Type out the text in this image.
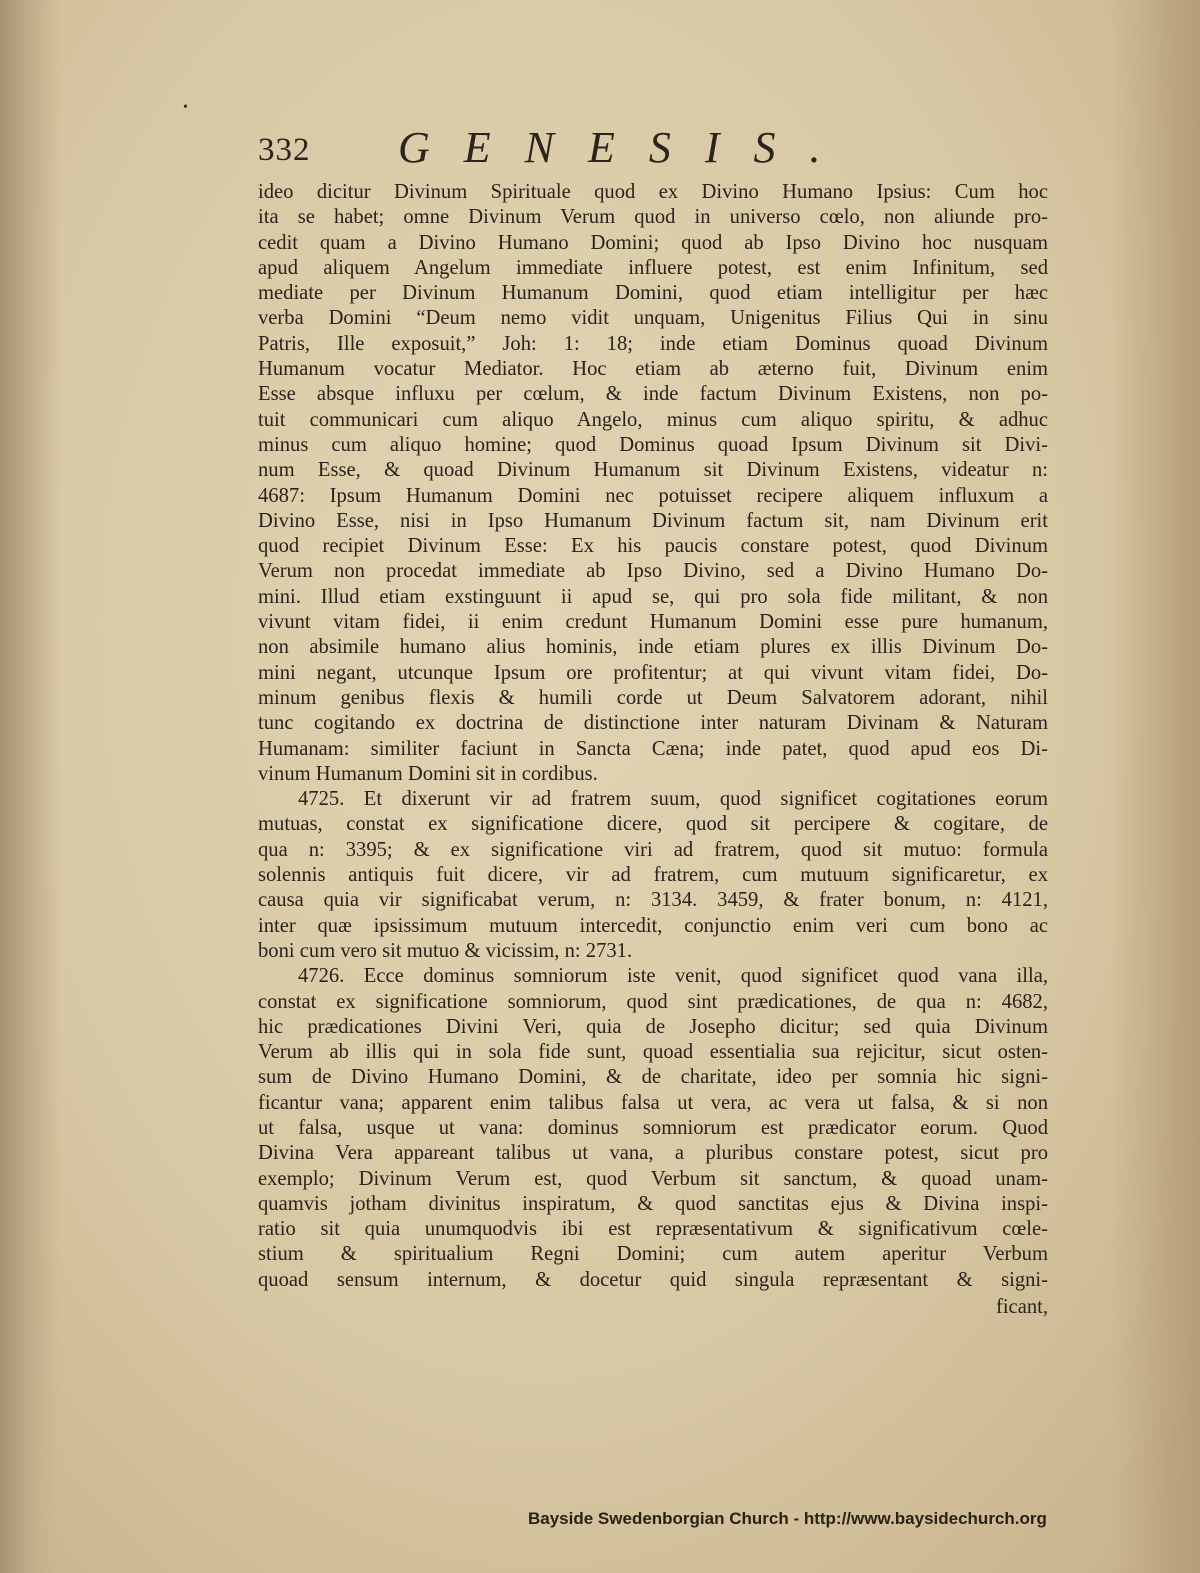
•
332 GENESIS.
ideo dicitur Divinum Spirituale quod ex Divino Humano Ipsius: Cum hoc
ita se habet; omne Divinum Verum quod in universo cœlo, non aliunde pro-
cedit quam a Divino Humano Domini; quod ab Ipso Divino hoc nusquam
apud aliquem Angelum immediate influere potest, est enim Infinitum, sed
mediate per Divinum Humanum Domini, quod etiam intelligitur per hæc
verba Domini “Deum nemo vidit unquam, Unigenitus Filius Qui in sinu
Patris, Ille exposuit,” Joh: 1: 18; inde etiam Dominus quoad Divinum
Humanum vocatur Mediator. Hoc etiam ab æterno fuit, Divinum enim
Esse absque influxu per cœlum, & inde factum Divinum Existens, non po-
tuit communicari cum aliquo Angelo, minus cum aliquo spiritu, & adhuc
minus cum aliquo homine; quod Dominus quoad Ipsum Divinum sit Divi-
num Esse, & quoad Divinum Humanum sit Divinum Existens, videatur n:
4687: Ipsum Humanum Domini nec potuisset recipere aliquem influxum a
Divino Esse, nisi in Ipso Humanum Divinum factum sit, nam Divinum erit
quod recipiet Divinum Esse: Ex his paucis constare potest, quod Divinum
Verum non procedat immediate ab Ipso Divino, sed a Divino Humano Do-
mini. Illud etiam exstinguunt ii apud se, qui pro sola fide militant, & non
vivunt vitam fidei, ii enim credunt Humanum Domini esse pure humanum,
non absimile humano alius hominis, inde etiam plures ex illis Divinum Do-
mini negant, utcunque Ipsum ore profitentur; at qui vivunt vitam fidei, Do-
minum genibus flexis & humili corde ut Deum Salvatorem adorant, nihil
tunc cogitando ex doctrina de distinctione inter naturam Divinam & Naturam
Humanam: similiter faciunt in Sancta Cæna; inde patet, quod apud eos Di-
vinum Humanum Domini sit in cordibus.
4725. Et dixerunt vir ad fratrem suum, quod significet cogitationes eorum
mutuas, constat ex significatione dicere, quod sit percipere & cogitare, de
qua n: 3395; & ex significatione viri ad fratrem, quod sit mutuo: formula
solennis antiquis fuit dicere, vir ad fratrem, cum mutuum significaretur, ex
causa quia vir significabat verum, n: 3134. 3459, & frater bonum, n: 4121,
inter quæ ipsissimum mutuum intercedit, conjunctio enim veri cum bono ac
boni cum vero sit mutuo & vicissim, n: 2731.
4726. Ecce dominus somniorum iste venit, quod significet quod vana illa,
constat ex significatione somniorum, quod sint prædicationes, de qua n: 4682,
hic prædicationes Divini Veri, quia de Josepho dicitur; sed quia Divinum
Verum ab illis qui in sola fide sunt, quoad essentialia sua rejicitur, sicut osten-
sum de Divino Humano Domini, & de charitate, ideo per somnia hic signi-
ficantur vana; apparent enim talibus falsa ut vera, ac vera ut falsa, & si non
ut falsa, usque ut vana: dominus somniorum est prædicator eorum. Quod
Divina Vera appareant talibus ut vana, a pluribus constare potest, sicut pro
exemplo; Divinum Verum est, quod Verbum sit sanctum, & quoad unam-
quamvis jotham divinitus inspiratum, & quod sanctitas ejus & Divina inspi-
ratio sit quia unumquodvis ibi est repræsentativum & significativum cœle-
stium & spiritualium Regni Domini; cum autem aperitur Verbum
quoad sensum internum, & docetur quid singula repræsentant & signi-
ficant,
Bayside Swedenborgian Church - http://www.baysidechurch.org
